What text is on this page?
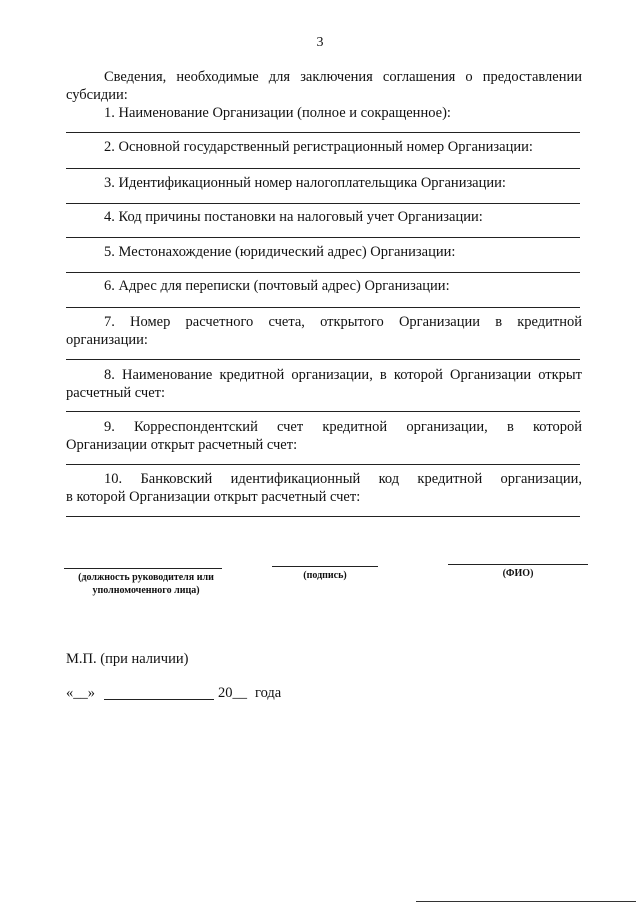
3
Сведения, необходимые для заключения соглашения о предоставлении
субсидии:
1. Наименование Организации (полное и сокращенное):
2. Основной государственный регистрационный номер Организации:
3. Идентификационный номер налогоплательщика Организации:
4. Код причины постановки на налоговый учет Организации:
5. Местонахождение (юридический адрес) Организации:
6. Адрес для переписки (почтовый адрес) Организации:
7. Номер расчетного счета, открытого Организации в кредитной
организации:
8. Наименование кредитной организации, в которой Организации открыт
расчетный счет:
9. Корреспондентский счет кредитной организации, в которой
Организации открыт расчетный счет:
10. Банковский идентификационный код кредитной организации,
в которой Организации открыт расчетный счет:
(должность руководителя или
уполномоченного лица)
(подпись)	(ФИО)
М.П. (при наличии)
«__»	20__ года
